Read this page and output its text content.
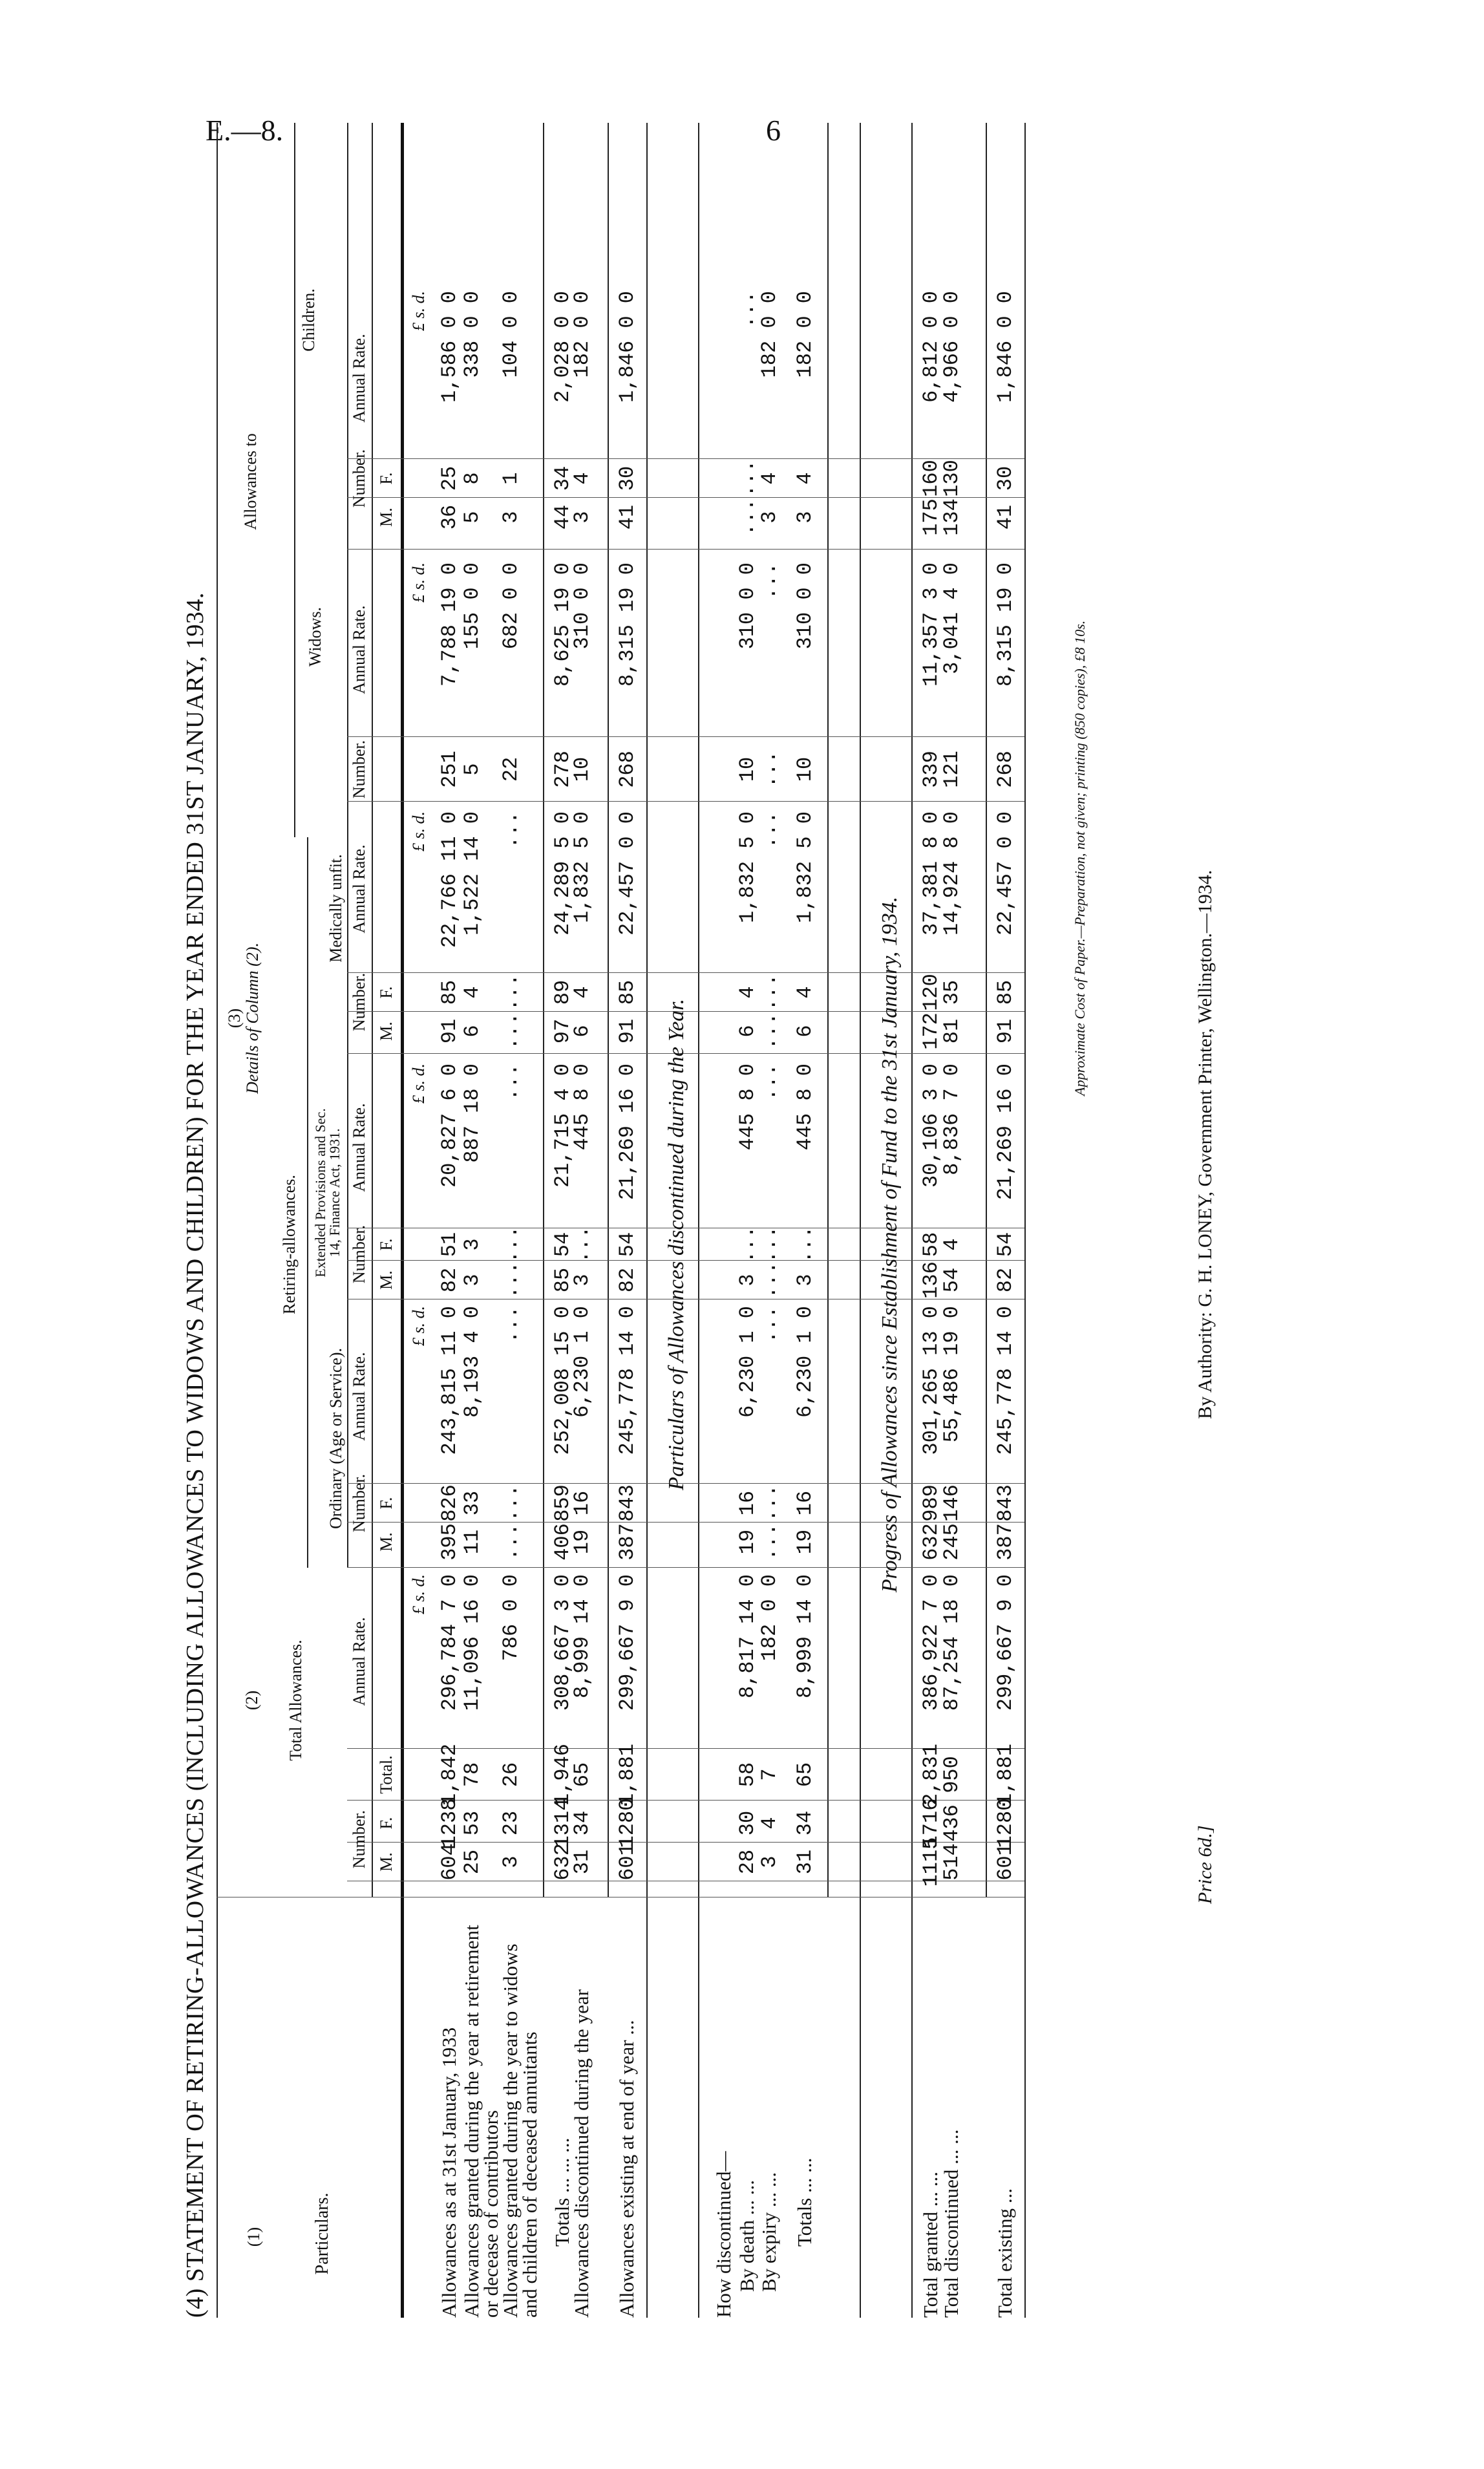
E.—8.	6
(4) STATEMENT OF RETIRING-ALLOWANCES (INCLUDING ALLOWANCES TO WIDOWS AND CHILDREN) FOR THE YEAR ENDED 31ST JANUARY, 1934. (1)
(2)
(3) Details of Column (2).
Particulars.
Total Allowances.
Retiring-allowances.
Allowances to
Ordinary (Age or Service).
Extended Provisions and Sec. 14, Finance Act, 1931.
Medically unfit.
Widows.
Children.
Number.
Number.
Number.
Number.
Number.
Number.
Annual Rate.
Annual Rate.
Annual Rate.
Annual Rate.
Annual Rate.
Annual Rate.
M.
F.
M.
F.
M.
F.
M.
F.
M.
F.
Total.
£ s. d.
£ s. d.
£ s. d.
£ s. d.
£ s. d.
£ s. d.
Particulars of Allowances discontinued during the Year.	Progress of Allowances since Establishment of Fund to the 31st January, 1934.
Allowances as at 31st January, 1933
604
1238
1,842
296,784 7 0
395
826
243,815 11 0
82
51
20,827 6 0
91
85
22,766 11 0
251
7,788 19 0
36
25
1,586 0 0
Allowances granted during the year at retirement or decease of contributors
25
53
78
11,096 16 0
11
33
8,193 4 0
3
3
887 18 0
6
4
1,522 14 0
5
155 0 0
5
8
338 0 0
Allowances granted during the year to widows and children of deceased annuitants
3
23
26
786 0 0
...
...
...
...
...
...
...
...
...
22
682 0 0
3
1
104 0 0
Totals ... ... ...
632
1314
1,946
308,667 3 0
406
859
252,008 15 0
85
54
21,715 4 0
97
89
24,289 5 0
278
8,625 19 0
44
34
2,028 0 0
Allowances discontinued during the year
31
34
65
8,999 14 0
19
16
6,230 1 0
3
...
445 8 0
6
4
1,832 5 0
10
310 0 0
3
4
182 0 0
Allowances existing at end of year ...
601
1280
1,881
299,667 9 0
387
843
245,778 14 0
82
54
21,269 16 0
91
85
22,457 0 0
268
8,315 19 0
41
30
1,846 0 0
How discontinued— By death ... ...
28
30
58
8,817 14 0
19
16
6,230 1 0
3
...
445 8 0
6
4
1,832 5 0
10
310 0 0
...
...
...
By expiry ... ...
3
4
7
182 0 0
...
...
...
...
...
...
...
...
...
...
...
3
4
182 0 0
Totals ... ...
31
34
65
8,999 14 0
19
16
6,230 1 0
3
...
445 8 0
6
4
1,832 5 0
10
310 0 0
3
4
182 0 0
Total granted ... ...
1115
1716
2,831
386,922 7 0
632
989
301,265 13 0
136
58
30,106 3 0
172
120
37,381 8 0
339
11,357 3 0
175
160
6,812 0 0
Total discontinued ... ...
514
436
950
87,254 18 0
245
146
55,486 19 0
54
4
8,836 7 0
81
35
14,924 8 0
121
3,041 4 0
134
130
4,966 0 0
Total existing ...
601
1280
1,881
299,667 9 0
387
843
245,778 14 0
82
54
21,269 16 0
91
85
22,457 0 0
268
8,315 19 0
41
30
1,846 0 0
Approximate Cost of Paper.—Preparation, not given; printing (850 copies), £8 10s.
By Authority: G. H. LONEY, Government Printer, Wellington.—1934.
Price 6d.]
